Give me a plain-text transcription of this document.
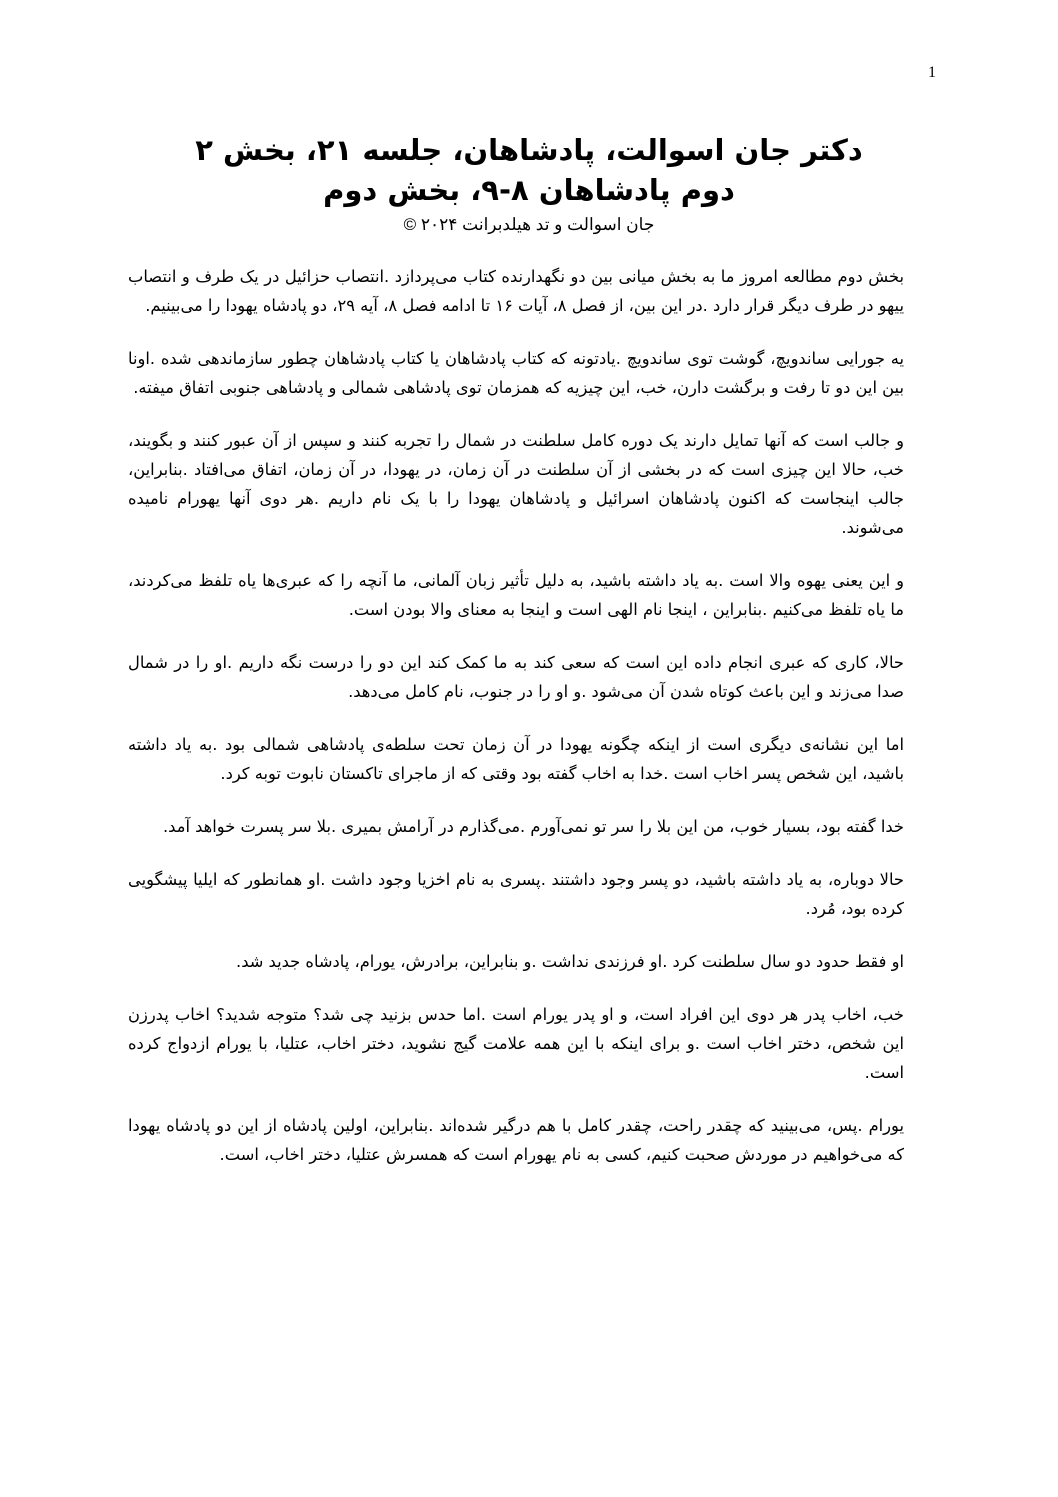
1

دکتر جان اسوالت، پادشاهان، جلسه ۲۱، بخش ۲

دوم پادشاهان ۸-۹، بخش دوم

جان اسوالت و تد هیلدبرانت ۲۰۲۴ ©

بخش دوم مطالعه امروز ما به بخش میانی بین دو نگهدارنده کتاب می‌پردازد .انتصاب حزائیل در یک طرف و انتصاب ییهو در طرف دیگر قرار دارد .در این بین، از فصل ۸، آیات ۱۶ تا ادامه فصل ۸، آیه ۲۹، دو پادشاه یهودا را می‌بینیم.

یه جورایی ساندویچ، گوشت توی ساندویچ .یادتونه که کتاب پادشاهان یا کتاب پادشاهان چطور سازماندهی شده .اونا بین این دو تا رفت و برگشت دارن، خب، این چیزیه که همزمان توی پادشاهی شمالی و پادشاهی جنوبی اتفاق میفته.

و جالب است که آنها تمایل دارند یک دوره کامل سلطنت در شمال را تجربه کنند و سپس از آن عبور کنند و بگویند، خب، حالا این چیزی است که در بخشی از آن سلطنت در آن زمان، در یهودا، در آن زمان، اتفاق می‌افتاد .بنابراین، جالب اینجاست که اکنون پادشاهان اسرائیل و پادشاهان یهودا را با یک نام داریم .هر دوی آنها یهورام نامیده می‌شوند.

و این یعنی یهوه والا است .به یاد داشته باشید، به دلیل تأثیر زبان آلمانی، ما آنچه را که عبری‌ها یاه تلفظ می‌کردند، ما یاه تلفظ می‌کنیم .بنابراین ، اینجا نام الهی است و اینجا به معنای والا بودن است.

حالا، کاری که عبری انجام داده این است که سعی کند به ما کمک کند این دو را درست نگه داریم .او را در شمال صدا می‌زند و این باعث کوتاه شدن آن می‌شود .و او را در جنوب، نام کامل می‌دهد.

اما این نشانه‌ی دیگری است از اینکه چگونه یهودا در آن زمان تحت سلطه‌ی پادشاهی شمالی بود .به یاد داشته باشید، این شخص پسر اخاب است .خدا به اخاب گفته بود وقتی که از ماجرای تاکستان نابوت توبه کرد.

خدا گفته بود، بسیار خوب، من این بلا را سر تو نمی‌آورم .می‌گذارم در آرامش بمیری .بلا سر پسرت خواهد آمد.

حالا دوباره، به یاد داشته باشید، دو پسر وجود داشتند .پسری به نام اخزیا وجود داشت .او همانطور که ایلیا پیشگویی کرده بود، مُرد.

او فقط حدود دو سال سلطنت کرد .او فرزندی نداشت .و بنابراین، برادرش، یورام، پادشاه جدید شد.

خب، اخاب پدر هر دوی این افراد است، و او پدر یورام است .اما حدس بزنید چی شد؟ متوجه شدید؟ اخاب پدرزن این شخص، دختر اخاب است .و برای اینکه با این همه علامت گیج نشوید، دختر اخاب، عتلیا، با یورام ازدواج کرده است.

یورام .پس، می‌بینید که چقدر راحت، چقدر کامل با هم درگیر شده‌اند .بنابراین، اولین پادشاه از این دو پادشاه یهودا که می‌خواهیم در موردش صحبت کنیم، کسی به نام یهورام است که همسرش عتلیا، دختر اخاب، است.
